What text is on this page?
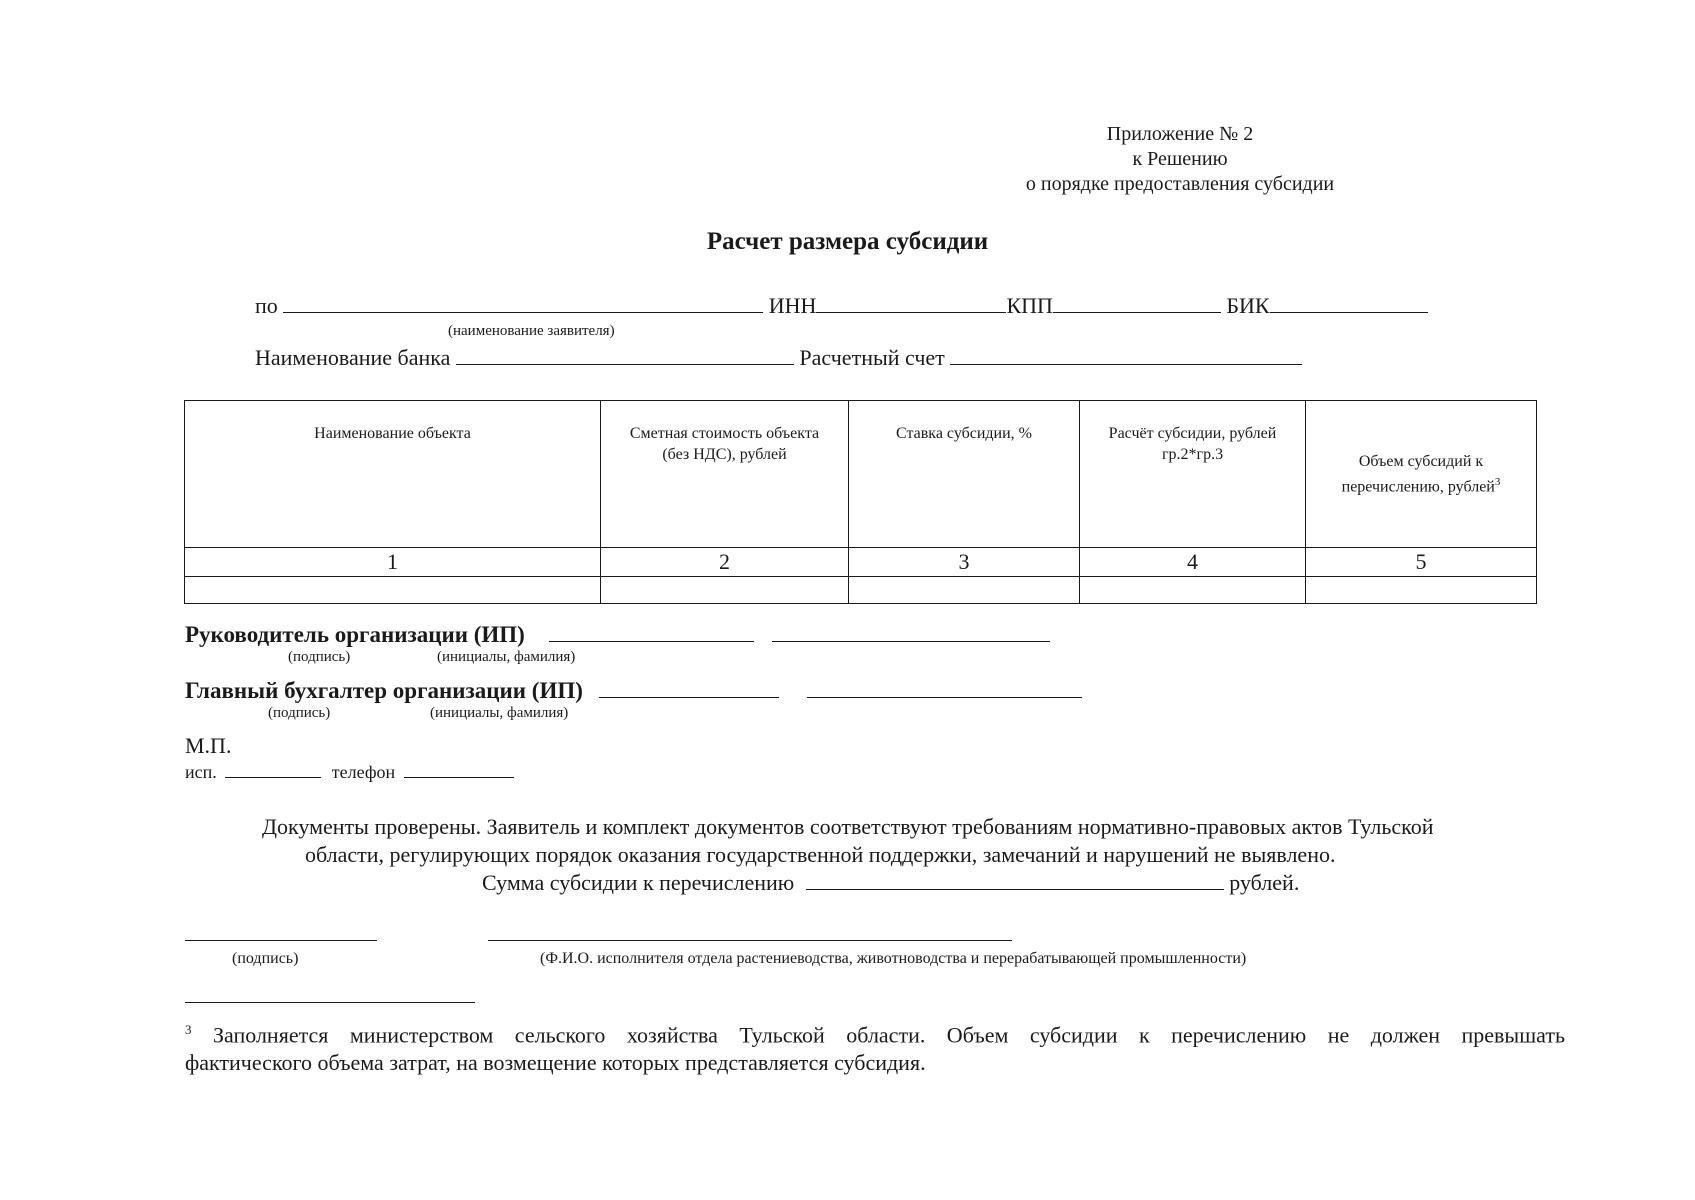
Приложение № 2
к Решению
о порядке предоставления субсидии
Расчет размера субсидии
по	ИНН	КПП	БИК
(наименование заявителя)
Наименование банка	Расчетный счет
Наименование объекта	Сметная стоимость объекта (без НДС), рублей	Ставка субсидии, %	Расчёт субсидии, рублей гр.2*гр.3	Объем субсидий к перечислению, рублей$^3$

1	2	3	4	5

Руководитель организации (ИП)
(подпись)	(инициалы, фамилия)
Главный бухгалтер организации (ИП)
(подпись)	(инициалы, фамилия)
М.П.
исп.	телефон
Документы проверены. Заявитель и комплект документов соответствуют требованиям нормативно-правовых актов Тульской
области, регулирующих порядок оказания государственной поддержки, замечаний и нарушений не выявлено.
Сумма субсидии к перечислению	рублей.
(подпись)	(Ф.И.О. исполнителя отдела растениеводства, животноводства и перерабатывающей промышленности)
$^3$ Заполняется министерством сельского хозяйства Тульской области. Объем субсидии к перечислению не должен превышать
фактического объема затрат, на возмещение которых представляется субсидия.
